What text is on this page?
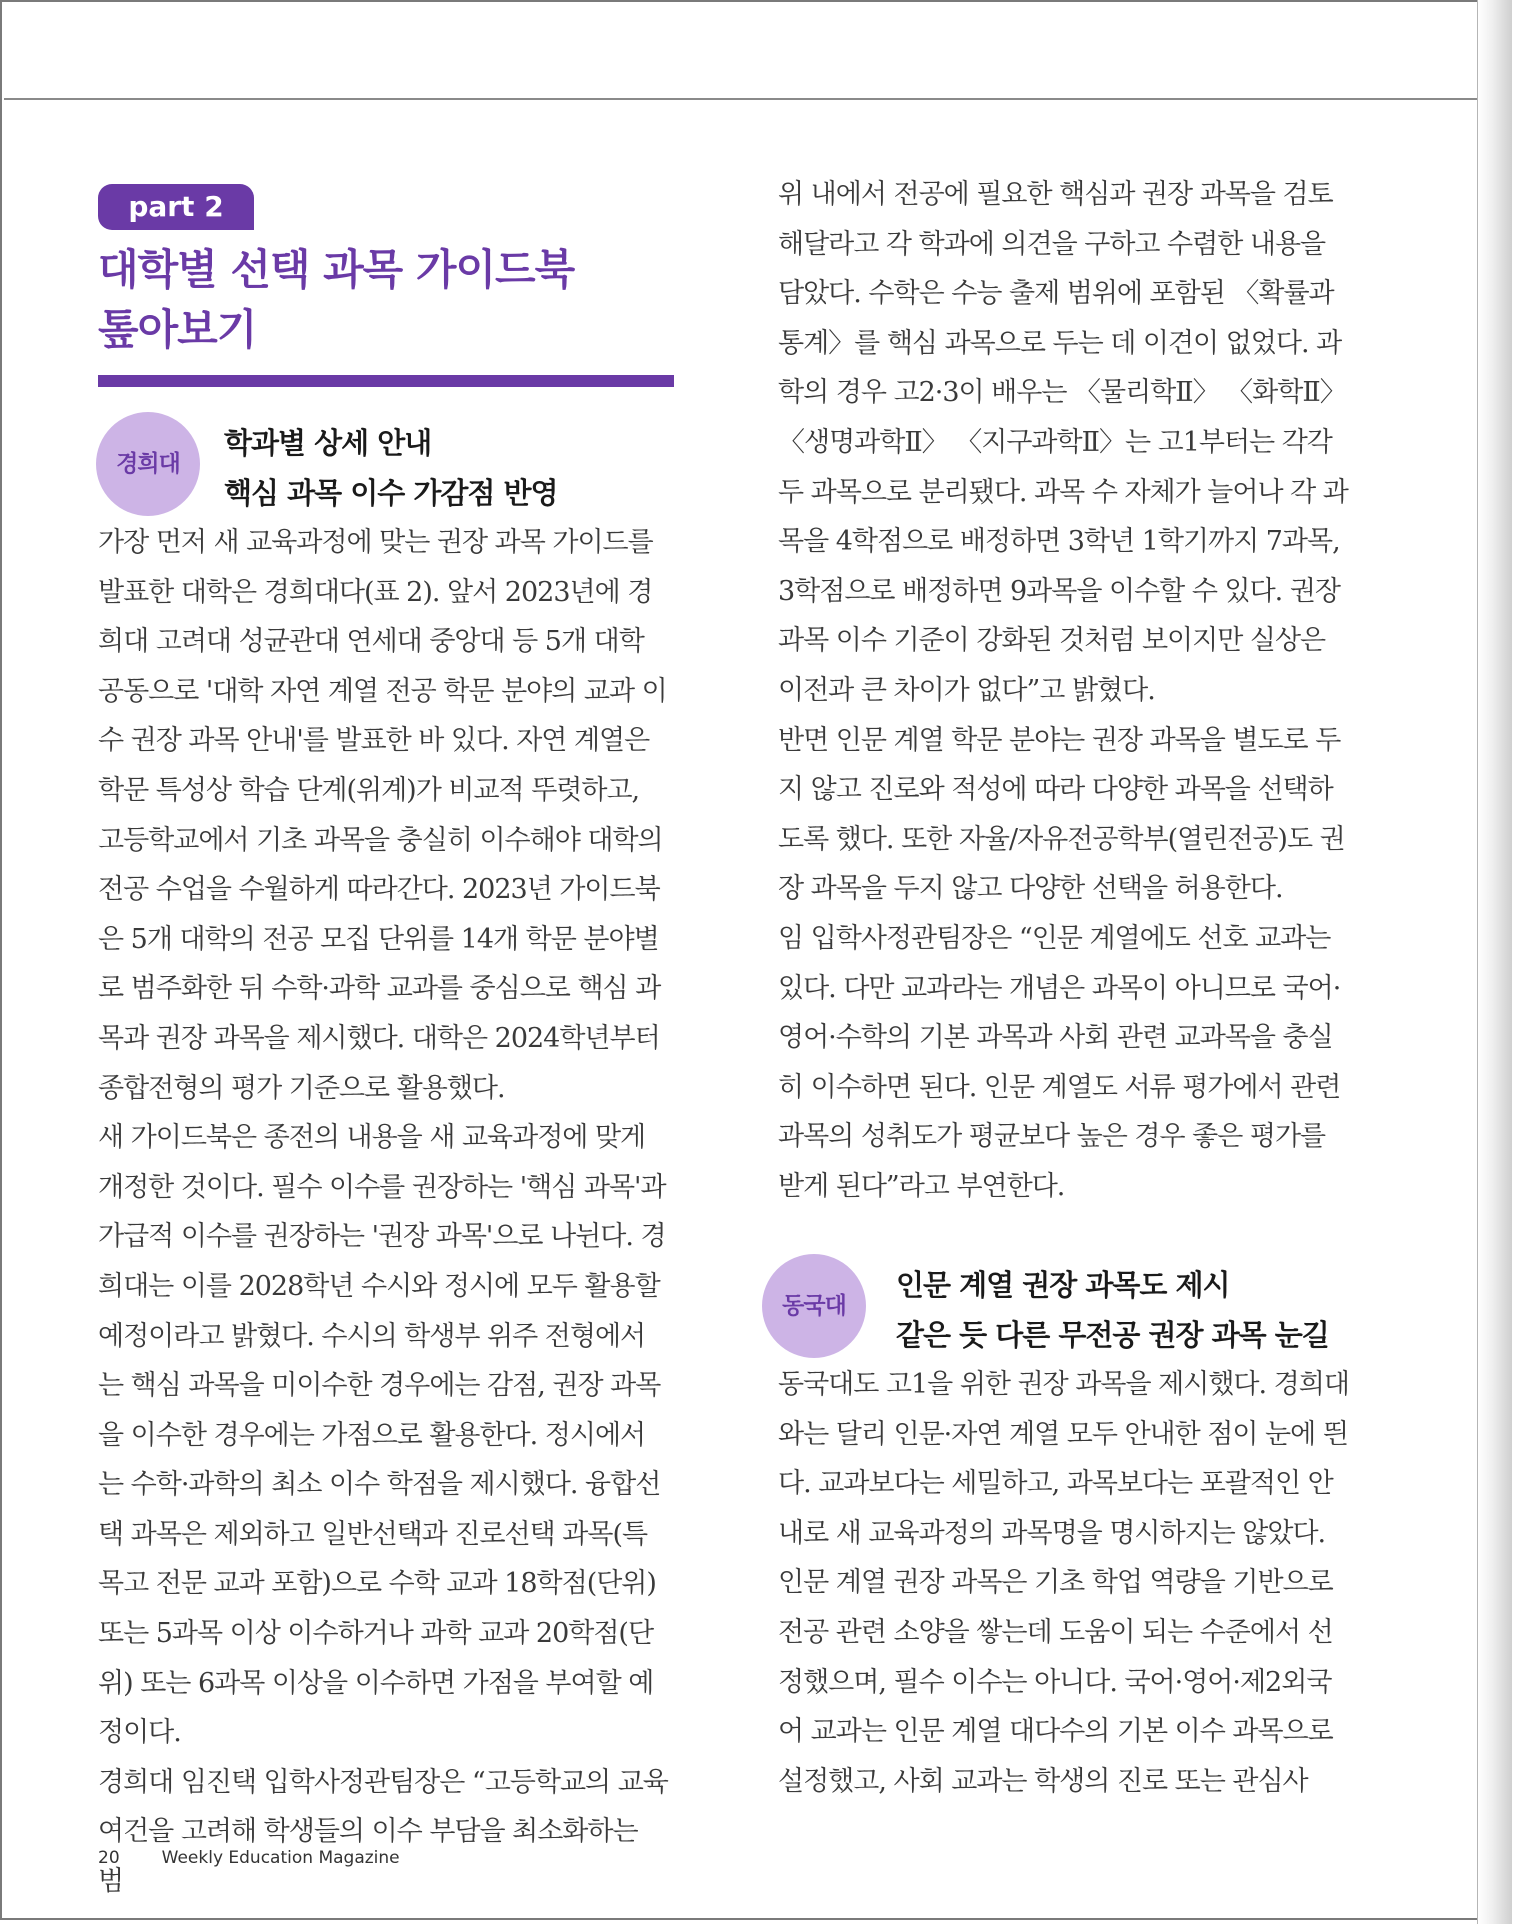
part 2
대학별 선택 과목 가이드북
톺아보기
경희대
학과별 상세 안내
핵심 과목 이수 가감점 반영

가장 먼저 새 교육과정에 맞는 권장 과목 가이드를 발표한 대학은 경희대다(표 2). 앞서 2023년에 경희대 고려대 성균관대 연세대 중앙대 등 5개 대학 공동으로 '대학 자연 계열 전공 학문 분야의 교과 이수 권장 과목 안내'를 발표한 바 있다. 자연 계열은 학문 특성상 학습 단계(위계)가 비교적 뚜렷하고, 고등학교에서 기초 과목을 충실히 이수해야 대학의 전공 수업을 수월하게 따라간다. 2023년 가이드북은 5개 대학의 전공 모집 단위를 14개 학문 분야별로 범주화한 뒤 수학·과학 교과를 중심으로 핵심 과목과 권장 과목을 제시했다. 대학은 2024학년부터 종합전형의 평가 기준으로 활용했다.

새 가이드북은 종전의 내용을 새 교육과정에 맞게 개정한 것이다. 필수 이수를 권장하는 '핵심 과목'과 가급적 이수를 권장하는 '권장 과목'으로 나뉜다. 경희대는 이를 2028학년 수시와 정시에 모두 활용할 예정이라고 밝혔다. 수시의 학생부 위주 전형에서는 핵심 과목을 미이수한 경우에는 감점, 권장 과목을 이수한 경우에는 가점으로 활용한다. 정시에서는 수학·과학의 최소 이수 학점을 제시했다. 융합선택 과목은 제외하고 일반선택과 진로선택 과목(특목고 전문 교과 포함)으로 수학 교과 18학점(단위) 또는 5과목 이상 이수하거나 과학 교과 20학점(단위) 또는 6과목 이상을 이수하면 가점을 부여할 예정이다.

경희대 임진택 입학사정관팀장은 “고등학교의 교육 여건을 고려해 학생들의 이수 부담을 최소화하는 범

위 내에서 전공에 필요한 핵심과 권장 과목을 검토해달라고 각 학과에 의견을 구하고 수렴한 내용을 담았다. 수학은 수능 출제 범위에 포함된 〈확률과 통계〉를 핵심 과목으로 두는 데 이견이 없었다. 과학의 경우 고2·3이 배우는 〈물리학Ⅱ〉 〈화학Ⅱ〉 〈생명과학Ⅱ〉 〈지구과학Ⅱ〉는 고1부터는 각각 두 과목으로 분리됐다. 과목 수 자체가 늘어나 각 과목을 4학점으로 배정하면 3학년 1학기까지 7과목, 3학점으로 배정하면 9과목을 이수할 수 있다. 권장 과목 이수 기준이 강화된 것처럼 보이지만 실상은 이전과 큰 차이가 없다”고 밝혔다.

반면 인문 계열 학문 분야는 권장 과목을 별도로 두지 않고 진로와 적성에 따라 다양한 과목을 선택하도록 했다. 또한 자율/자유전공학부(열린전공)도 권장 과목을 두지 않고 다양한 선택을 허용한다.

임 입학사정관팀장은 “인문 계열에도 선호 교과는 있다. 다만 교과라는 개념은 과목이 아니므로 국어·영어·수학의 기본 과목과 사회 관련 교과목을 충실히 이수하면 된다. 인문 계열도 서류 평가에서 관련 과목의 성취도가 평균보다 높은 경우 좋은 평가를 받게 된다”라고 부연한다.

동국대
인문 계열 권장 과목도 제시
같은 듯 다른 무전공 권장 과목 눈길

동국대도 고1을 위한 권장 과목을 제시했다. 경희대와는 달리 인문·자연 계열 모두 안내한 점이 눈에 띈다. 교과보다는 세밀하고, 과목보다는 포괄적인 안내로 새 교육과정의 과목명을 명시하지는 않았다. 인문 계열 권장 과목은 기초 학업 역량을 기반으로 전공 관련 소양을 쌓는데 도움이 되는 수준에서 선정했으며, 필수 이수는 아니다. 국어·영어·제2외국어 교과는 인문 계열 대다수의 기본 이수 과목으로 설정했고, 사회 교과는 학생의 진로 또는 관심사

20 Weekly Education Magazine
